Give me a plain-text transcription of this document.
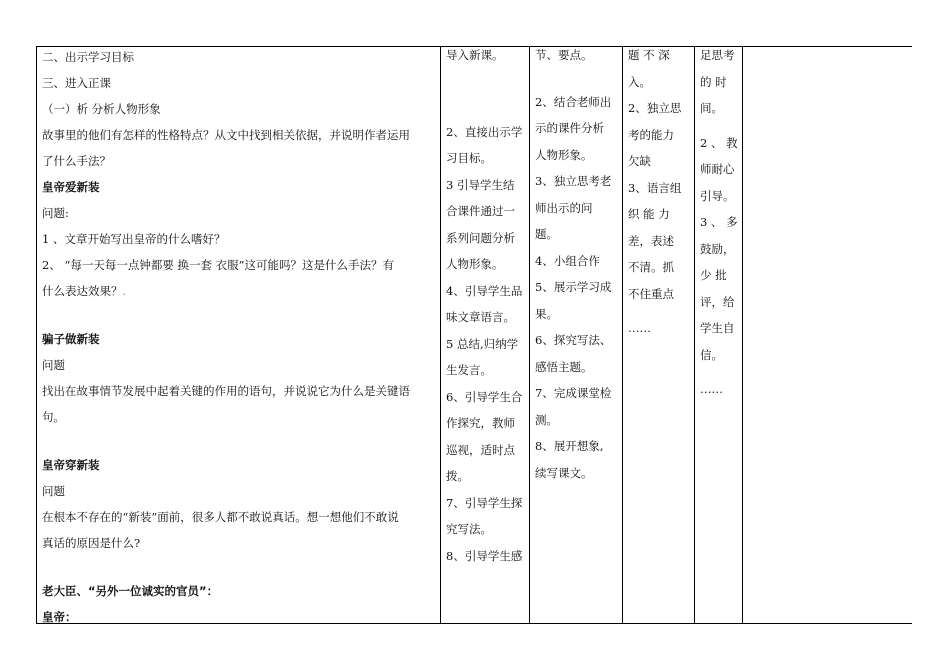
二、出示学习目标
三、进入正课
（一）析 分析人物形象
故事里的他们有怎样的性格特点？从文中找到相关依据，并说明作者运用
了什么手法？
皇帝爱新装
问题:
1 、文章开始写出皇帝的什么嗜好？
2、 “每一天每一点钟都要 换一套 衣服”这可能吗？这是什么手法？有
什么表达效果？.
骗子做新装
问题
找出在故事情节发展中起着关键的作用的语句，并说说它为什么是关键语
句。
皇帝穿新装
问题
在根本不存在的“新装”面前，很多人都不敢说真话。想一想他们不敢说
真话的原因是什么?
老大臣、“另外一位诚实的官员”：
皇帝：
导入新课。
2、直接出示学
习目标。
3 引导学生结
合课件通过一
系列问题分析
人物形象。
4、引导学生品
味文章语言。
5 总结,归纳学
生发言。
6、引导学生合
作探究，教师
巡视，适时点
拨。
7、引导学生探
究写法。
8、引导学生感
节、要点。
2、结合老师出
示的课件分析
人物形象。
3、独立思考老
师出示的问
题。
4、小组合作
5、展示学习成
果。
6、探究写法、
感悟主题。
7、完成课堂检
测。
8、展开想象,
续写课文。
题 不 深
入。
2、独立思
考的能力
欠缺
3、语言组
织 能 力
差，表述
不清。抓
不住重点
……
足思考
的 时
间。
2 、 教
师耐心
引导。
3 、 多
鼓励，
少 批
评，给
学生自
信。
……
